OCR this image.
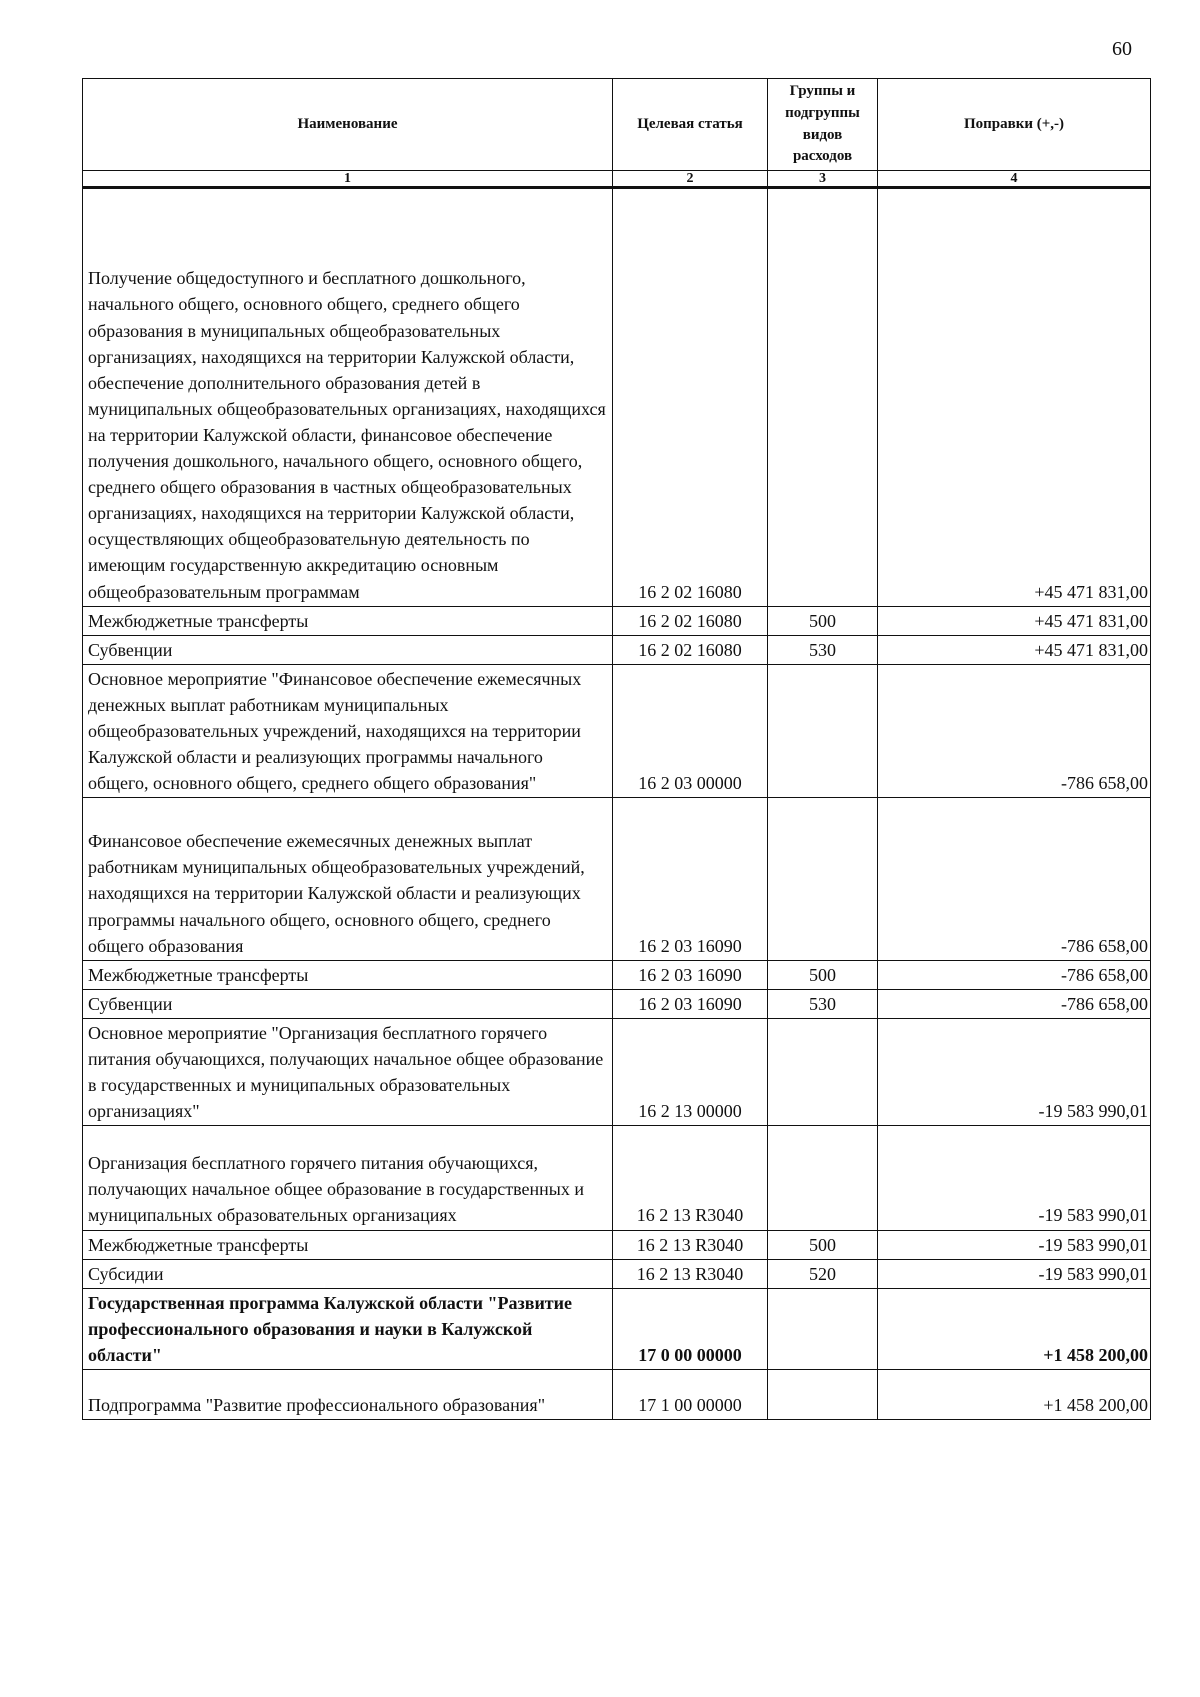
60
Наименование	Целевая статья	Группы и подгруппы видов расходов	Поправки (+,-)
1	2	3	4
Получение общедоступного и бесплатного дошкольного, начального общего, основного общего, среднего общего образования в муниципальных общеобразовательных организациях, находящихся на территории Калужской области, обеспечение дополнительного образования детей в муниципальных общеобразовательных организациях, находящихся на территории Калужской области, финансовое обеспечение получения дошкольного, начального общего, основного общего, среднего общего образования в частных общеобразовательных организациях, находящихся на территории Калужской области, осуществляющих общеобразовательную деятельность по имеющим государственную аккредитацию основным общеобразовательным программам	16 2 02 16080		+45 471 831,00
Межбюджетные трансферты	16 2 02 16080	500	+45 471 831,00
Субвенции	16 2 02 16080	530	+45 471 831,00
Основное мероприятие "Финансовое обеспечение ежемесячных денежных выплат работникам муниципальных общеобразовательных учреждений, находящихся на территории Калужской области и реализующих программы начального общего, основного общего, среднего общего образования"	16 2 03 00000		-786 658,00
Финансовое обеспечение ежемесячных денежных выплат работникам муниципальных общеобразовательных учреждений, находящихся на территории Калужской области и реализующих программы начального общего, основного общего, среднего общего образования	16 2 03 16090		-786 658,00
Межбюджетные трансферты	16 2 03 16090	500	-786 658,00
Субвенции	16 2 03 16090	530	-786 658,00
Основное мероприятие "Организация бесплатного горячего питания обучающихся, получающих начальное общее образование в государственных и муниципальных образовательных организациях"	16 2 13 00000		-19 583 990,01
Организация бесплатного горячего питания обучающихся, получающих начальное общее образование в государственных и муниципальных образовательных организациях	16 2 13 R3040		-19 583 990,01
Межбюджетные трансферты	16 2 13 R3040	500	-19 583 990,01
Субсидии	16 2 13 R3040	520	-19 583 990,01
Государственная программа Калужской области "Развитие профессионального образования и науки в Калужской области"	17 0 00 00000		+1 458 200,00
Подпрограмма "Развитие профессионального образования"	17 1 00 00000		+1 458 200,00
